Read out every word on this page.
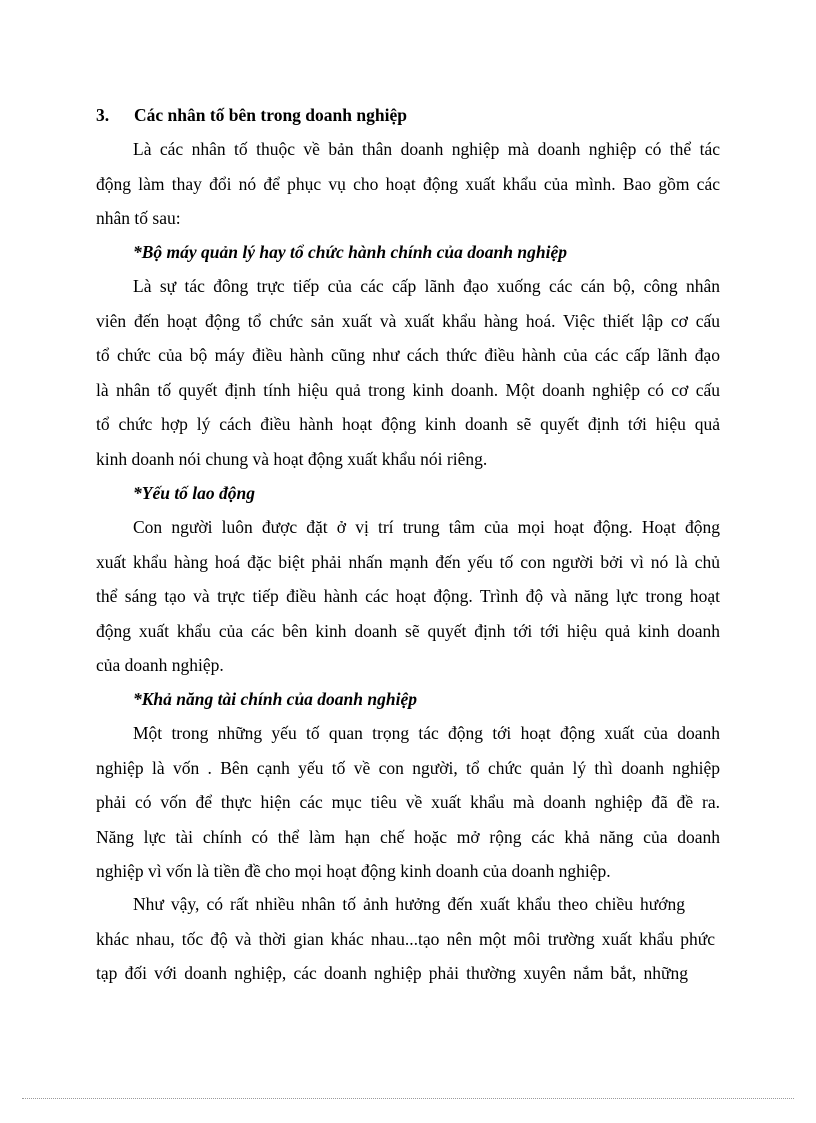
3. Các nhân tố bên trong doanh nghiệp
Là các nhân tố thuộc về bản thân doanh nghiệp mà doanh nghiệp có thể tác
động làm thay đổi nó để phục vụ cho hoạt động xuất khẩu của mình. Bao gồm các
nhân tố sau:
*Bộ máy quản lý hay tổ chức hành chính của doanh nghiệp
Là sự tác đông trực tiếp của các cấp lãnh đạo xuống các cán bộ, công nhân
viên đến hoạt động tổ chức sản xuất và xuất khẩu hàng hoá. Việc thiết lập cơ cấu
tổ chức của bộ máy điều hành cũng như cách thức điều hành của các cấp lãnh đạo
là nhân tố quyết định tính hiệu quả trong kinh doanh. Một doanh nghiệp có cơ cấu
tổ chức hợp lý cách điều hành hoạt động kinh doanh sẽ quyết định tới hiệu quả
kinh doanh nói chung và hoạt động xuất khẩu nói riêng.
*Yếu tố lao động
Con người luôn được đặt ở vị trí trung tâm của mọi hoạt động. Hoạt động
xuất khẩu hàng hoá đặc biệt phải nhấn mạnh đến yếu tố con người bởi vì nó là chủ
thể sáng tạo và trực tiếp điều hành các hoạt động. Trình độ và năng lực trong hoạt
động xuất khẩu của các bên kinh doanh sẽ quyết định tới tới hiệu quả kinh doanh
của doanh nghiệp.
*Khả năng tài chính của doanh nghiệp
Một trong những yếu tố quan trọng tác động tới hoạt động xuất của doanh
nghiệp là vốn . Bên cạnh yếu tố về con người, tổ chức quản lý thì doanh nghiệp
phải có vốn để thực hiện các mục tiêu về xuất khẩu mà doanh nghiệp đã đề ra.
Năng lực tài chính có thể làm hạn chế hoặc mở rộng các khả năng của doanh
nghiệp vì vốn là tiền đề cho mọi hoạt động kinh doanh của doanh nghiệp.
Như vậy, có rất nhiều nhân tố ảnh hưởng đến xuất khẩu theo chiều hướng
khác nhau, tốc độ và thời gian khác nhau...tạo nên một môi trường xuất khẩu phức
tạp đối với doanh nghiệp, các doanh nghiệp phải thường xuyên nắm bắt, những
